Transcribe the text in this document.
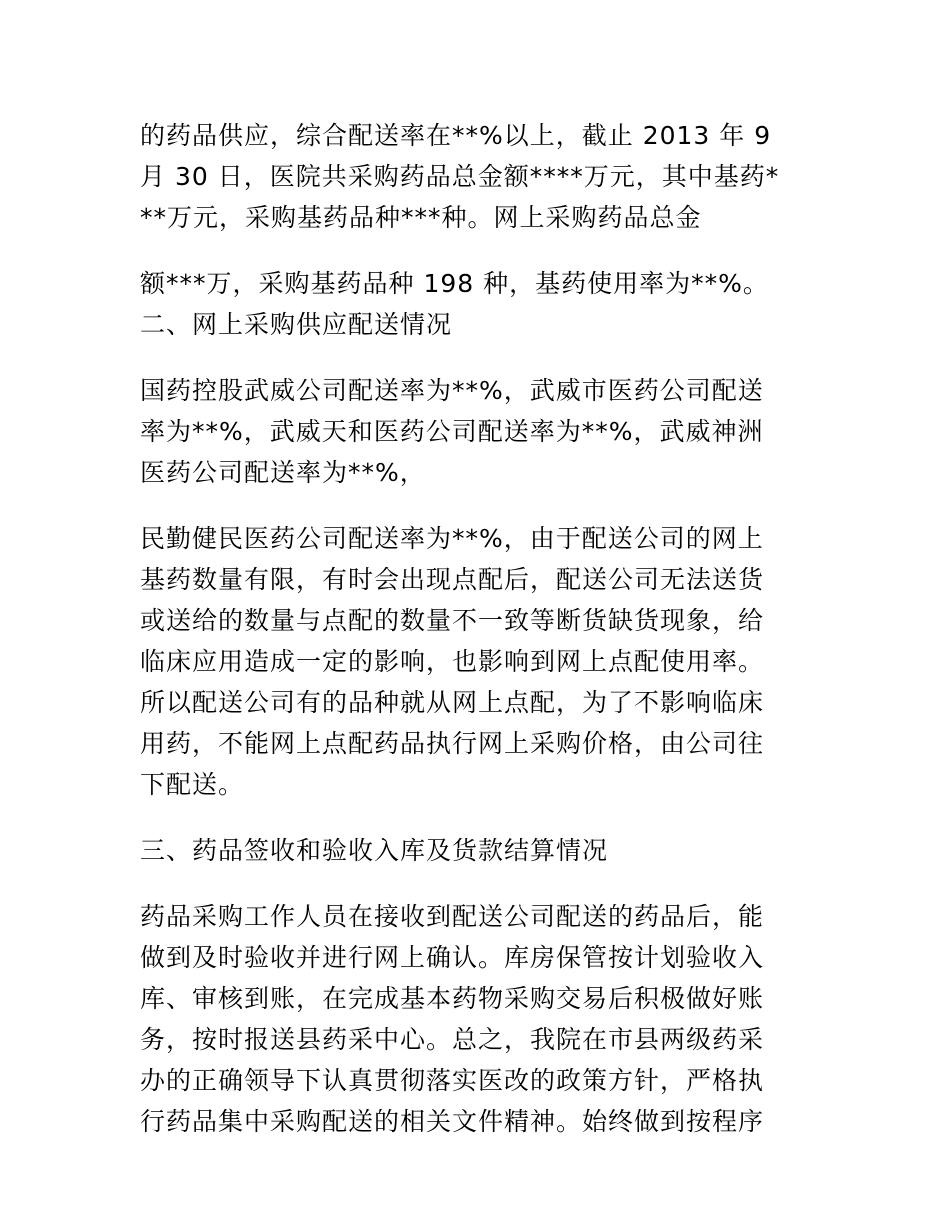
的药品供应，综合配送率在**%以上，截止 2013 年 9
月 30 日，医院共采购药品总金额****万元，其中基药*
**万元，采购基药品种***种。网上采购药品总金

额***万，采购基药品种 198 种，基药使用率为**%。

二、网上采购供应配送情况

国药控股武威公司配送率为**%，武威市医药公司配送
率为**%，武威天和医药公司配送率为**%，武威神洲
医药公司配送率为**%，

民勤健民医药公司配送率为**%，由于配送公司的网上
基药数量有限，有时会出现点配后，配送公司无法送货
或送给的数量与点配的数量不一致等断货缺货现象，给
临床应用造成一定的影响，也影响到网上点配使用率。
所以配送公司有的品种就从网上点配，为了不影响临床
用药，不能网上点配药品执行网上采购价格，由公司往
下配送。

三、药品签收和验收入库及货款结算情况

药品采购工作人员在接收到配送公司配送的药品后，能
做到及时验收并进行网上确认。库房保管按计划验收入
库、审核到账，在完成基本药物采购交易后积极做好账
务，按时报送县药采中心。总之，我院在市县两级药采
办的正确领导下认真贯彻落实医改的政策方针，严格执
行药品集中采购配送的相关文件精神。始终做到按程序
